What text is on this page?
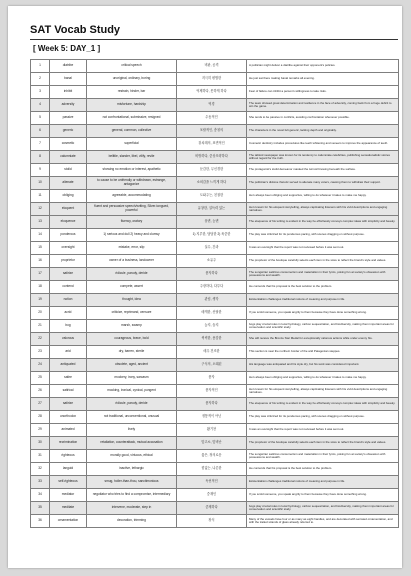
SAT Vocab Study
[ Week 5: DAY_1 ]
1	diatribe	critical speech	비판, 공격	A politician might deliver a diatribe against their opponent's policies.
2	banal	unoriginal, ordinary, boring	지극히 평범한	He just sat there making banal remarks all evening.
3	inhibit	restrain, hinder, bar	억제하다, 못하게 하다	Fear of failure can inhibit a person's willingness to take risks.
4	adversity	misfortune, hardship	역경	The team showed great determination and resilience in the face of adversity, coming back from a huge deficit to win the game.
5	passive	not confrontational, submissive, resigned	수동적인	She tends to be passive in conflicts, avoiding confrontation whenever possible.
6	generic	general, common, collective	포괄적인, 총칭의	The characters in the novel felt generic, lacking depth and originality.
7	cosmetic	superficial	겉치레의, 표면적인	Cosmetic dentistry includes procedures like teeth whitening and veneers to improve the appearance of teeth.
8	calumniate	belittle, slander, libel, vilify, revile	비방하다, 중상모략하다	The tabloid newspaper was known for its tendency to calumniate celebrities, publishing sensationalistic stories without regard for the truth.
9	stolid	showing no emotion or interest, apathetic	둔감한, 무신경한	The protagonist's stolid demeanor masked the turmoil brewing beneath the surface.
10	alienate	to cause to be unfriendly or withdrawn, estrange, antagonize	소외감을 느끼게 하다	The politician's divisive rhetoric served to alienate many voters, causing them to withdraw their support.
11	obliging	agreeable, accommodating	도와주는, 친절한	He's always been obliging and supportive, willing to do whatever it takes to make me happy.
12	eloquent	fluent and persuasive speech/writing, Silver-tongued, powerful	유창한, 설득력 있는	He's known for his eloquent storytelling, always captivating listeners with his vivid descriptions and engaging narratives.
13	eloquence	fluency, oratory	웅변, 능변	The eloquence of his writing is evident in the way he effortlessly conveys complex ideas with simplicity and beauty.
14	ponderous	1) serious and dull 2) heavy and clumsy	1) 지루한, 답답한 2) 육중한	The play was criticized for its ponderous pacing, with scenes dragging on without purpose.
15	oversight	mistake, error, slip	실수, 간과	It was an oversight that the report was not reviewed before it was sent out.
16	proprietor	owner of a business, landowner	소유주	The proprietor of the boutique carefully selects each item in the store to reflect the brand's style and values.
17	satirize	ridicule, parody, deride	풍자하다	The songwriter satirizes consumerism and materialism in their lyrics, poking fun at society's obsession with possessions and wealth.
18	contend	compete, assert	주장하다, 다투다	He contends that his proposal is the best solution to the problem.
19	notion	thought, idea	관념, 생각	Existentialism challenges traditional notions of meaning and purpose in life.
20	acrid	criticize, reprimand, censure	매캐한, 신랄한	If you scold someone, you speak angrily to them because they have done something wrong.
21	bog	marsh, swamp	늪지, 습지	bogs play crucial roles in local hydrology, carbon sequestration, and biodiversity, making them important areas for conservation and scientific study.
22	valorous	courageous, brave, bold	씩씩한, 용감한	She will receive the Bronze Star Medal for exceptionally valorous actions while under enemy fire.
23	arid	dry, barren, sterile	매우 건조한	This section is near the northern border of the arid Patagonian steppes.
24	antiquated	obsolete, aged, ancient	구식의, 오래된	His language was antiquated and his style dry, but his work was considered important.
25	satire	mockery, irony, sarcasm	풍자	He's always been obliging and supportive, willing to do whatever it takes to make me happy.
26	satirical	mocking, ironical, cynical, pungent	풍자적인	He's known for his eloquent storytelling, always captivating listeners with his vivid descriptions and engaging narratives.
27	satirize	ridicule, parody, deride	풍자하다	The eloquence of his writing is evident in the way he effortlessly conveys complex ideas with simplicity and beauty.
28	unorthodox	not traditional, unconventional, unusual	정통적이 아닌	The play was criticized for its ponderous pacing, with scenes dragging on without purpose.
29	animated	lively	활기찬	It was an oversight that the report was not reviewed before it was sent out.
30	recrimination	retaliation, counterattack, mutual accusation	맞고소, 맞비난	The proprietor of the boutique carefully selects each item in the store to reflect the brand's style and values.
31	righteous	morally good, virtuous, ethical	옳은, 정의로운	The songwriter satirizes consumerism and materialism in their lyrics, poking fun at society's obsession with possessions and wealth.
32	languid	inactive, lethargic	힘없는, 나른한	He contends that his proposal is the best solution to the problem.
33	self-righteous	smug, holier-than-thou, sanctimonious	독선적인	Existentialism challenges traditional notions of meaning and purpose in life.
34	mediator	negotiator who tries to find a compromise, intermediary	중재인	If you scold someone, you speak angrily to them because they have done something wrong.
35	meditate	intervene, moderate, step in	중재하다	bogs play crucial roles in local hydrology, carbon sequestration, and biodiversity, making them important areas for conservation and scientific study.
36	ornamentation	decoration, trimming	장식	Many of the vessels have four or as many as eight handles, and are decorated with serrated ornamentation, and with the trailed strands of glass already referred to.
